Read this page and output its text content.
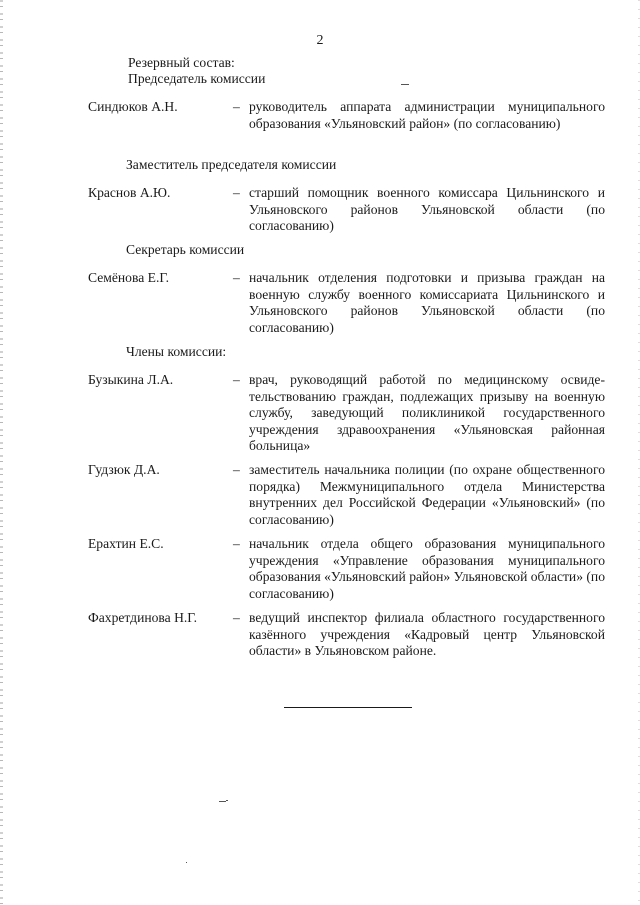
2
Резервный состав:
Председатель комиссии
Синдюков А.Н.	– руководитель аппарата администрации муниципального образования «Ульяновский район» (по согласованию)
Заместитель председателя комиссии
Краснов А.Ю.	– старший помощник военного комиссара Цильнинского и Ульяновского районов Ульяновской области (по согласованию)
Секретарь комиссии
Семёнова Е.Г.	– начальник отделения подготовки и призыва граждан на военную службу военного комиссариата Цильнинского и Ульяновского районов Ульяновской области (по согласованию)
Члены комиссии:
Бузыкина Л.А.	– врач, руководящий работой по медицинскому освидетельствованию граждан, подлежащих призыву на военную службу, заведующий поликлиникой государственного учреждения здравоохранения «Ульяновская районная больница»
Гудзюк Д.А.	– заместитель начальника полиции (по охране общественного порядка) Межмуниципального отдела Министерства внутренних дел Российской Федерации «Ульяновский» (по согласованию)
Ерахтин Е.С.	– начальник отдела общего образования муниципального учреждения «Управление образования муниципального образования «Ульяновский район» Ульяновской области» (по согласованию)
Фахретдинова Н.Г.	– ведущий инспектор филиала областного государственного казённого учреждения «Кадровый центр Ульяновской области» в Ульяновском районе.
